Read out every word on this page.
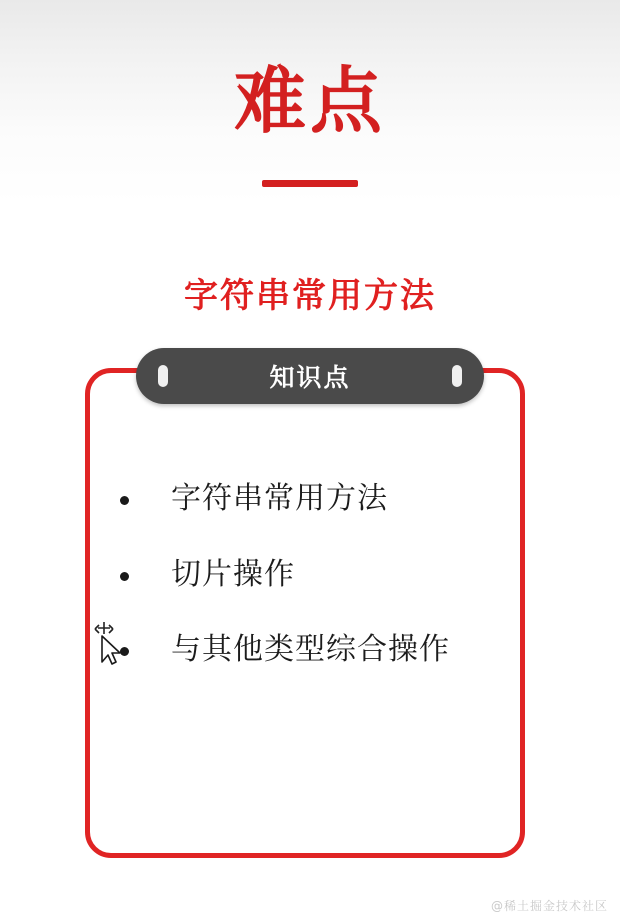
难点
字符串常用方法
知识点
字符串常用方法
切片操作
与其他类型综合操作
@稀土掘金技术社区
